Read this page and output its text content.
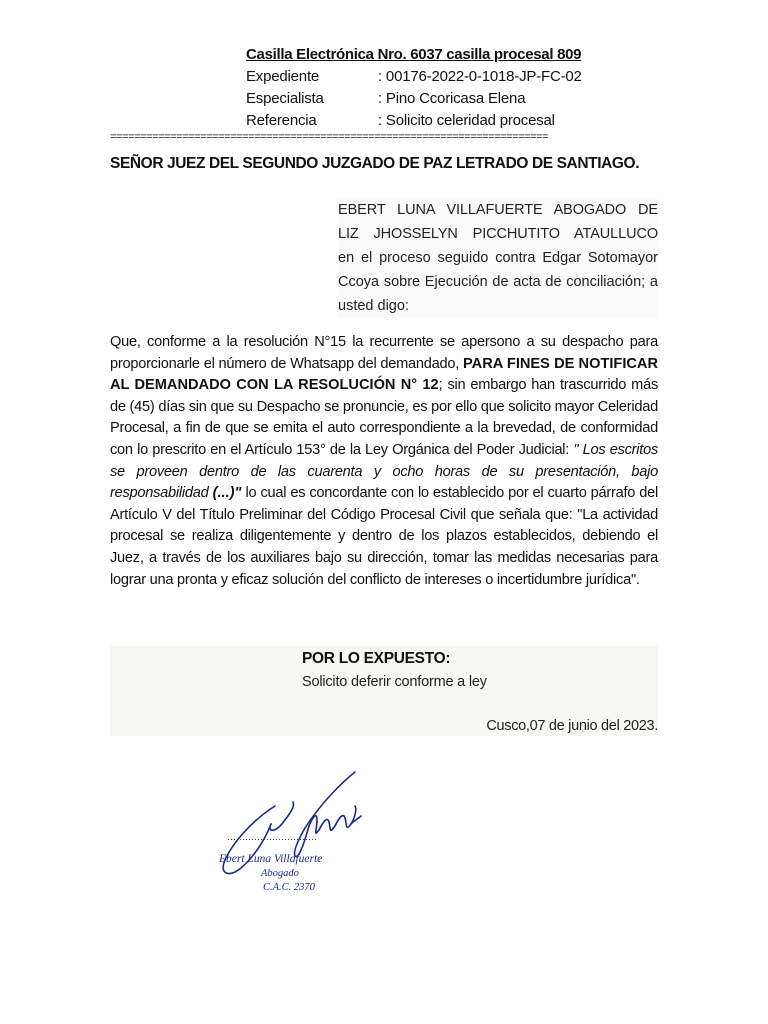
Casilla Electrónica Nro. 6037 casilla procesal 809
Expediente	: 00176-2022-0-1018-JP-FC-02
Especialista	: Pino Ccoricasa Elena
Referencia	: Solicito celeridad procesal
=========================================================================
SEÑOR JUEZ DEL SEGUNDO JUZGADO DE PAZ LETRADO DE SANTIAGO.
EBERT LUNA VILLAFUERTE ABOGADO DE
LIZ JHOSSELYN PICCHUTITO ATAULLUCO
en el proceso seguido contra Edgar Sotomayor Ccoya sobre Ejecución de acta de conciliación; a usted digo:
Que, conforme a la resolución N°15 la recurrente se apersono a su despacho para proporcionarle el número de Whatsapp del demandado, PARA FINES DE NOTIFICAR AL DEMANDADO CON LA RESOLUCIÓN N° 12; sin embargo han trascurrido más de (45) días sin que su Despacho se pronuncie, es por ello que solicito mayor Celeridad Procesal, a fin de que se emita el auto correspondiente a la brevedad, de conformidad con lo prescrito en el Artículo 153° de la Ley Orgánica del Poder Judicial: " Los escritos se proveen dentro de las cuarenta y ocho horas de su presentación, bajo responsabilidad (...)" lo cual es concordante con lo establecido por el cuarto párrafo del Artículo V del Título Preliminar del Código Procesal Civil que señala que: "La actividad procesal se realiza diligentemente y dentro de los plazos establecidos, debiendo el Juez, a través de los auxiliares bajo su dirección, tomar las medidas necesarias para lograr una pronta y eficaz solución del conflicto de intereses o incertidumbre jurídica".
POR LO EXPUESTO:
Solicito deferir conforme a ley
Cusco,07 de junio del 2023.
…………………………
Ebert Luna Villafuerte
Abogado
C.A.C. 2370
